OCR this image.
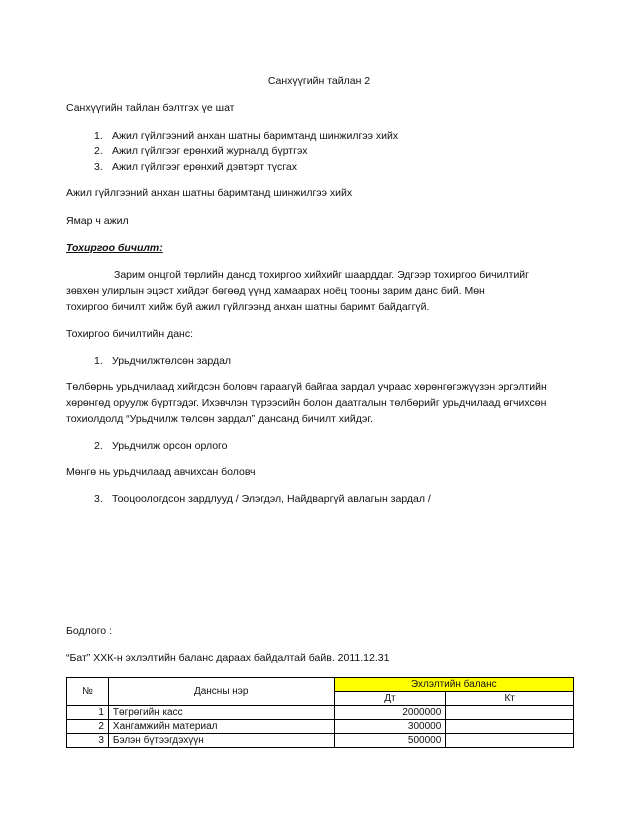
Санхүүгийн тайлан 2
Санхүүгийн тайлан бэлтгэх үе шат
1. Ажил гүйлгээний анхан шатны баримтанд шинжилгээ хийх
2. Ажил гүйлгээг ерөнхий журналд бүртгэх
3. Ажил гүйлгээг ерөнхий дэвтэрт түсгах
Ажил гүйлгээний анхан шатны баримтанд шинжилгээ хийх
Ямар ч ажил
Тохиргоо бичилт:
Зарим онцгой төрлийн дансд тохиргоо хийхийг шаарддаг. Эдгээр тохиргоо бичилтийг
зөвхөн улирлын эцэст хийдэг бөгөөд үүнд хамаарах ноёц тооны зарим данс бий. Мөн
тохиргоо бичилт хийж буй ажил гүйлгээнд анхан шатны баримт байдаггүй.
Тохиргоо бичилтийн данс:
1. Урьдчилжтөлсөн зардал
Төлбөрнь урьдчилаад хийгдсэн боловч гараагүй байгаа зардал учраас хөрөнгөгэжүүзэн эргэлтийн
хөрөнгөд оруулж бүртгэдэг. Ихэвчлэн түрээсийн болон даатгалын төлбөрийг урьдчилаад өгчихсөн
тохиолдолд “Урьдчилж төлсөн зардал” дансанд бичилт хийдэг.
2. Урьдчилж орсон орлого
Мөнгө нь урьдчилаад авчихсан боловч
3. Тооцоологдсон зардлууд / Элэгдэл, Найдваргүй авлагын зардал /
Бодлого :
“Бат” ХХК-н эхлэлтийн баланс дараах байдалтай байв. 2011.12.31
№	Дансны нэр	Эхлэлтийн баланс	
		Дт	Кт
1	Төгрөгийн касс	2000000	
2	Хангамжийн материал	300000	
3	Бэлэн бүтээгдэхүүн	500000	
